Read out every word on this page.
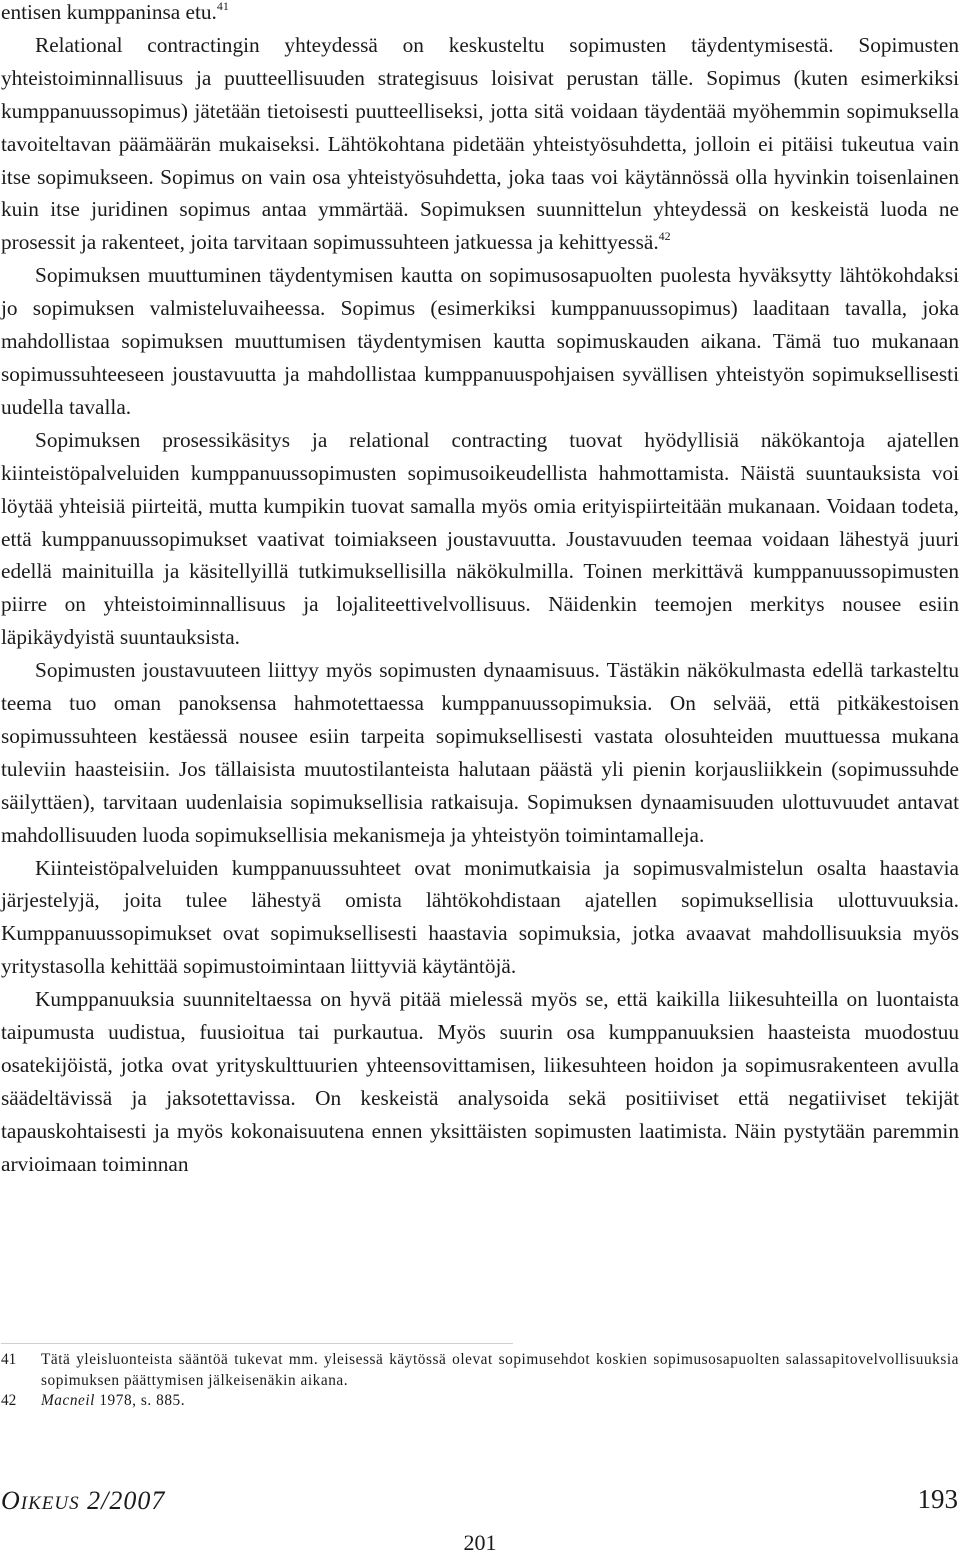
entisen kumppaninsa etu.$^{41}$

Relational contractingin yhteydessä on keskusteltu sopimusten täydentymisestä. Sopimusten yhteistoiminnallisuus ja puutteellisuuden strategisuus loisivat perustan tälle. Sopimus (kuten esimerkiksi kumppanuussopimus) jätetään tietoisesti puutteelliseksi, jotta sitä voidaan täydentää myöhemmin sopimuksella tavoiteltavan päämäärän mukaiseksi. Lähtökohtana pidetään yhteistyösuhdetta, jolloin ei pitäisi tukeutua vain itse sopimukseen. Sopimus on vain osa yhteistyösuhdetta, joka taas voi käytännössä olla hyvinkin toisenlainen kuin itse juridinen sopimus antaa ymmärtää. Sopimuksen suunnittelun yhteydessä on keskeistä luoda ne prosessit ja rakenteet, joita tarvitaan sopimussuhteen jatkuessa ja kehittyessä.$^{42}$

Sopimuksen muuttuminen täydentymisen kautta on sopimusosapuolten puolesta hyväksytty lähtökohdaksi jo sopimuksen valmisteluvaiheessa. Sopimus (esimerkiksi kumppanuussopimus) laaditaan tavalla, joka mahdollistaa sopimuksen muuttumisen täydentymisen kautta sopimuskauden aikana. Tämä tuo mukanaan sopimussuhteeseen joustavuutta ja mahdollistaa kumppanuuspohjaisen syvällisen yhteistyön sopimuksellisesti uudella tavalla.

Sopimuksen prosessikäsitys ja relational contracting tuovat hyödyllisiä näkökantoja ajatellen kiinteistöpalveluiden kumppanuussopimusten sopimusoikeudellista hahmottamista. Näistä suuntauksista voi löytää yhteisiä piirteitä, mutta kumpikin tuovat samalla myös omia erityispiirteitään mukanaan. Voidaan todeta, että kumppanuussopimukset vaativat toimiakseen joustavuutta. Joustavuuden teemaa voidaan lähestyä juuri edellä mainituilla ja käsitellyillä tutkimuksellisilla näkökulmilla. Toinen merkittävä kumppanuussopimusten piirre on yhteistoiminnallisuus ja lojaliteettivelvollisuus. Näidenkin teemojen merkitys nousee esiin läpikäydyistä suuntauksista.

Sopimusten joustavuuteen liittyy myös sopimusten dynaamisuus. Tästäkin näkökulmasta edellä tarkasteltu teema tuo oman panoksensa hahmotettaessa kumppanuussopimuksia. On selvää, että pitkäkestoisen sopimussuhteen kestäessä nousee esiin tarpeita sopimuksellisesti vastata olosuhteiden muuttuessa mukana tuleviin haasteisiin. Jos tällaisista muutostilanteista halutaan päästä yli pienin korjausliikkein (sopimussuhde säilyttäen), tarvitaan uudenlaisia sopimuksellisia ratkaisuja. Sopimuksen dynaamisuuden ulottuvuudet antavat mahdollisuuden luoda sopimuksellisia mekanismeja ja yhteistyön toimintamalleja.

Kiinteistöpalveluiden kumppanuussuhteet ovat monimutkaisia ja sopimusvalmistelun osalta haastavia järjestelyjä, joita tulee lähestyä omista lähtökohdistaan ajatellen sopimuksellisia ulottuvuuksia. Kumppanuussopimukset ovat sopimuksellisesti haastavia sopimuksia, jotka avaavat mahdollisuuksia myös yritystasolla kehittää sopimustoimintaan liittyviä käytäntöjä.

Kumppanuuksia suunniteltaessa on hyvä pitää mielessä myös se, että kaikilla liikesuhteilla on luontaista taipumusta uudistua, fuusioitua tai purkautua. Myös suurin osa kumppanuuksien haasteista muodostuu osatekijöistä, jotka ovat yrityskulttuurien yhteensovittamisen, liikesuhteen hoidon ja sopimusrakenteen avulla säädeltävissä ja jaksotettavissa. On keskeistä analysoida sekä positiiviset että negatiiviset tekijät tapauskohtaisesti ja myös kokonaisuutena ennen yksittäisten sopimusten laatimista. Näin pystytään paremmin arvioimaan toiminnan

41	Tätä yleisluonteista sääntöä tukevat mm. yleisessä käytössä olevat sopimusehdot koskien sopimusosapuolten salassapitovelvollisuuksia sopimuksen päättymisen jälkeisenäkin aikana.
42	Macneil 1978, s. 885.
OIKEUS 2/2007	193
201
